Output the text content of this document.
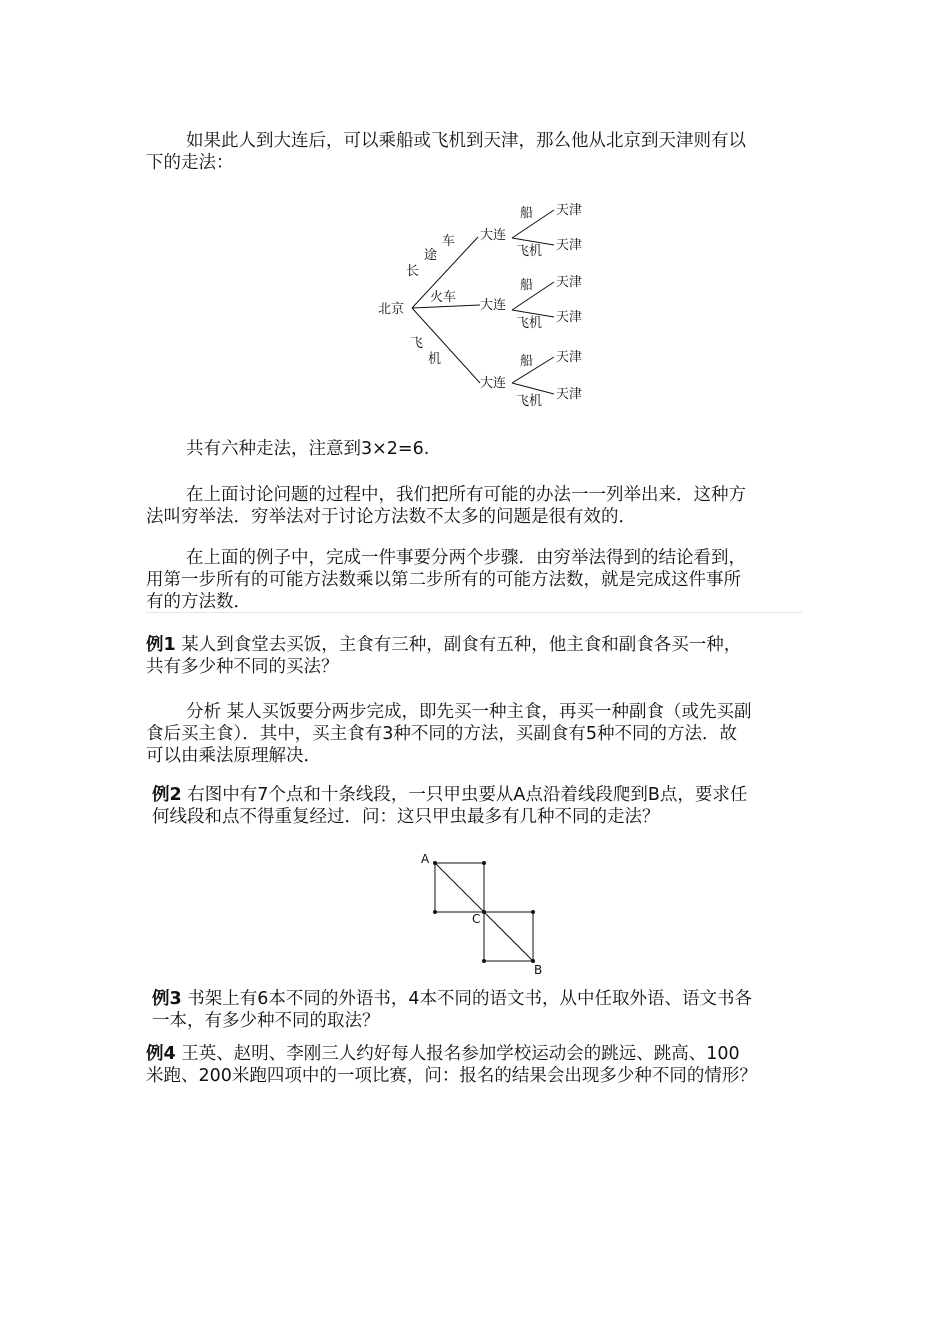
如果此人到大连后，可以乘船或飞机到天津，那么他从北京到天津则有以
下的走法：
北京
长
途
车
火车
飞
机
大连
大连
大连
船
飞机
船
飞机
船
飞机
天津
天津
天津
天津
天津
天津
共有六种走法，注意到3×2=6.
在上面讨论问题的过程中，我们把所有可能的办法一一列举出来．这种方
法叫穷举法．穷举法对于讨论方法数不太多的问题是很有效的．
在上面的例子中，完成一件事要分两个步骤．由穷举法得到的结论看到，
用第一步所有的可能方法数乘以第二步所有的可能方法数，就是完成这件事所
有的方法数．
例1 某人到食堂去买饭，主食有三种，副食有五种，他主食和副食各买一种，
共有多少种不同的买法？
分析 某人买饭要分两步完成，即先买一种主食，再买一种副食（或先买副
食后买主食）．其中，买主食有3种不同的方法，买副食有5种不同的方法．故
可以由乘法原理解决．
例2 右图中有7个点和十条线段，一只甲虫要从A点沿着线段爬到B点，要求任
何线段和点不得重复经过．问：这只甲虫最多有几种不同的走法？
A
C
B
例3 书架上有6本不同的外语书，4本不同的语文书，从中任取外语、语文书各
一本，有多少种不同的取法？
例4 王英、赵明、李刚三人约好每人报名参加学校运动会的跳远、跳高、100
米跑、200米跑四项中的一项比赛，问：报名的结果会出现多少种不同的情形？
